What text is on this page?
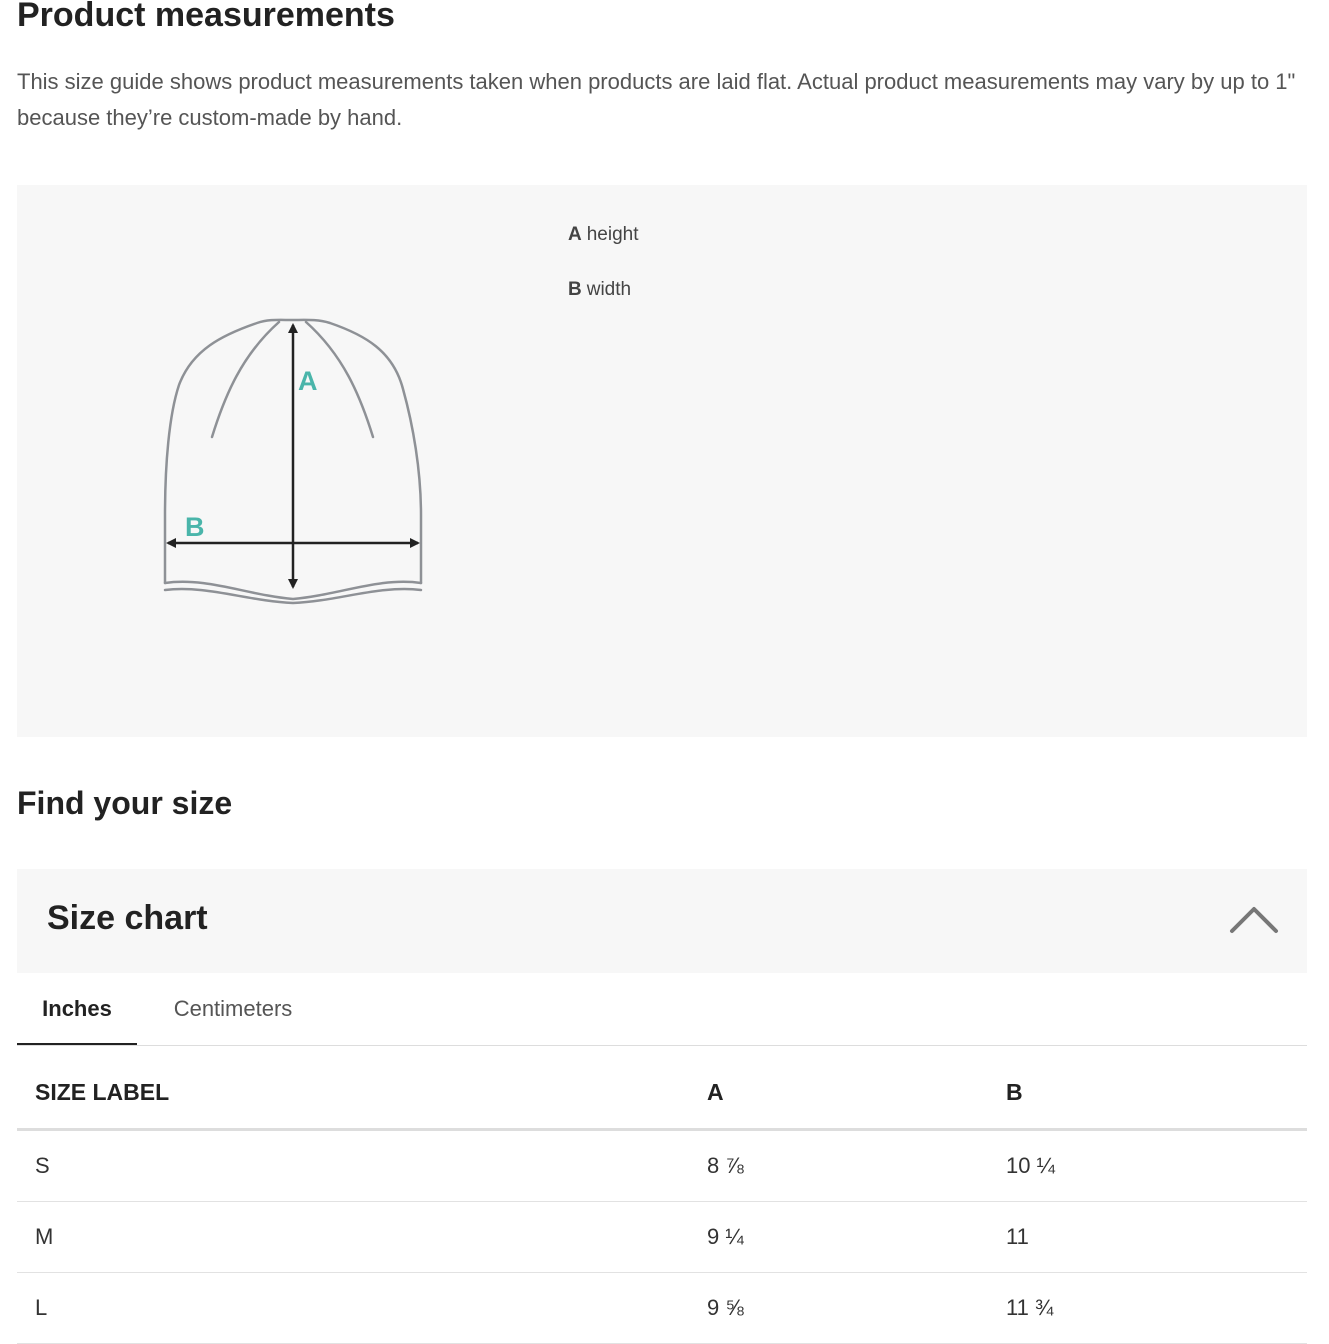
Product measurements

This size guide shows product measurements taken when products are laid flat. Actual product measurements may vary by up to 1" because they’re custom-made by hand.

A
B
A height
B width
Find your size
Size chart
Inches	Centimeters
SIZE LABEL	A	B
S	8 ⅞	10 ¼
M	9 ¼	11
L	9 ⅝	11 ¾
